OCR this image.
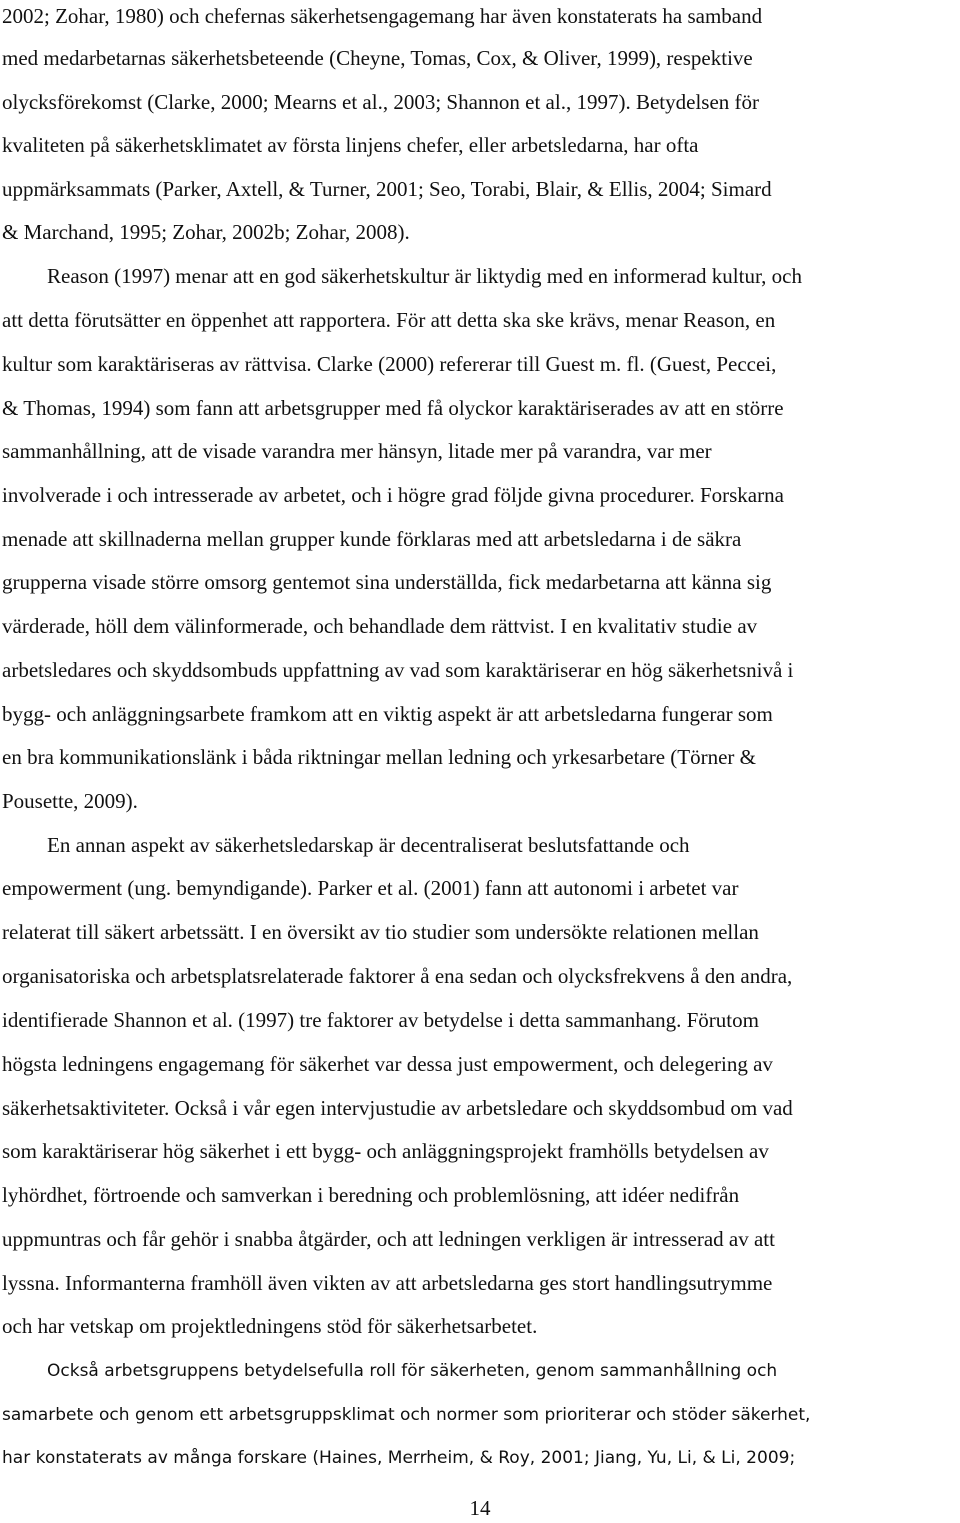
2002; Zohar, 1980) och chefernas säkerhetsengagemang har även konstaterats ha samband
med medarbetarnas säkerhetsbeteende (Cheyne, Tomas, Cox, & Oliver, 1999), respektive
olycksförekomst (Clarke, 2000; Mearns et al., 2003; Shannon et al., 1997). Betydelsen för
kvaliteten på säkerhetsklimatet av första linjens chefer, eller arbetsledarna, har ofta
uppmärksammats (Parker, Axtell, & Turner, 2001; Seo, Torabi, Blair, & Ellis, 2004; Simard
& Marchand, 1995; Zohar, 2002b; Zohar, 2008).
Reason (1997) menar att en god säkerhetskultur är liktydig med en informerad kultur, och
att detta förutsätter en öppenhet att rapportera. För att detta ska ske krävs, menar Reason, en
kultur som karaktäriseras av rättvisa. Clarke (2000) refererar till Guest m. fl. (Guest, Peccei,
& Thomas, 1994) som fann att arbetsgrupper med få olyckor karaktäriserades av att en större
sammanhållning, att de visade varandra mer hänsyn, litade mer på varandra, var mer
involverade i och intresserade av arbetet, och i högre grad följde givna procedurer. Forskarna
menade att skillnaderna mellan grupper kunde förklaras med att arbetsledarna i de säkra
grupperna visade större omsorg gentemot sina underställda, fick medarbetarna att känna sig
värderade, höll dem välinformerade, och behandlade dem rättvist. I en kvalitativ studie av
arbetsledares och skyddsombuds uppfattning av vad som karaktäriserar en hög säkerhetsnivå i
bygg- och anläggningsarbete framkom att en viktig aspekt är att arbetsledarna fungerar som
en bra kommunikationslänk i båda riktningar mellan ledning och yrkesarbetare (Törner &
Pousette, 2009).
En annan aspekt av säkerhetsledarskap är decentraliserat beslutsfattande och
empowerment (ung. bemyndigande). Parker et al. (2001) fann att autonomi i arbetet var
relaterat till säkert arbetssätt. I en översikt av tio studier som undersökte relationen mellan
organisatoriska och arbetsplatsrelaterade faktorer å ena sedan och olycksfrekvens å den andra,
identifierade Shannon et al. (1997) tre faktorer av betydelse i detta sammanhang. Förutom
högsta ledningens engagemang för säkerhet var dessa just empowerment, och delegering av
säkerhetsaktiviteter. Också i vår egen intervjustudie av arbetsledare och skyddsombud om vad
som karaktäriserar hög säkerhet i ett bygg- och anläggningsprojekt framhölls betydelsen av
lyhördhet, förtroende och samverkan i beredning och problemlösning, att idéer nedifrån
uppmuntras och får gehör i snabba åtgärder, och att ledningen verkligen är intresserad av att
lyssna. Informanterna framhöll även vikten av att arbetsledarna ges stort handlingsutrymme
och har vetskap om projektledningens stöd för säkerhetsarbetet.
Också arbetsgruppens betydelsefulla roll för säkerheten, genom sammanhållning och
samarbete och genom ett arbetsgruppsklimat och normer som prioriterar och stöder säkerhet,
har konstaterats av många forskare (Haines, Merrheim, & Roy, 2001; Jiang, Yu, Li, & Li, 2009;
14
